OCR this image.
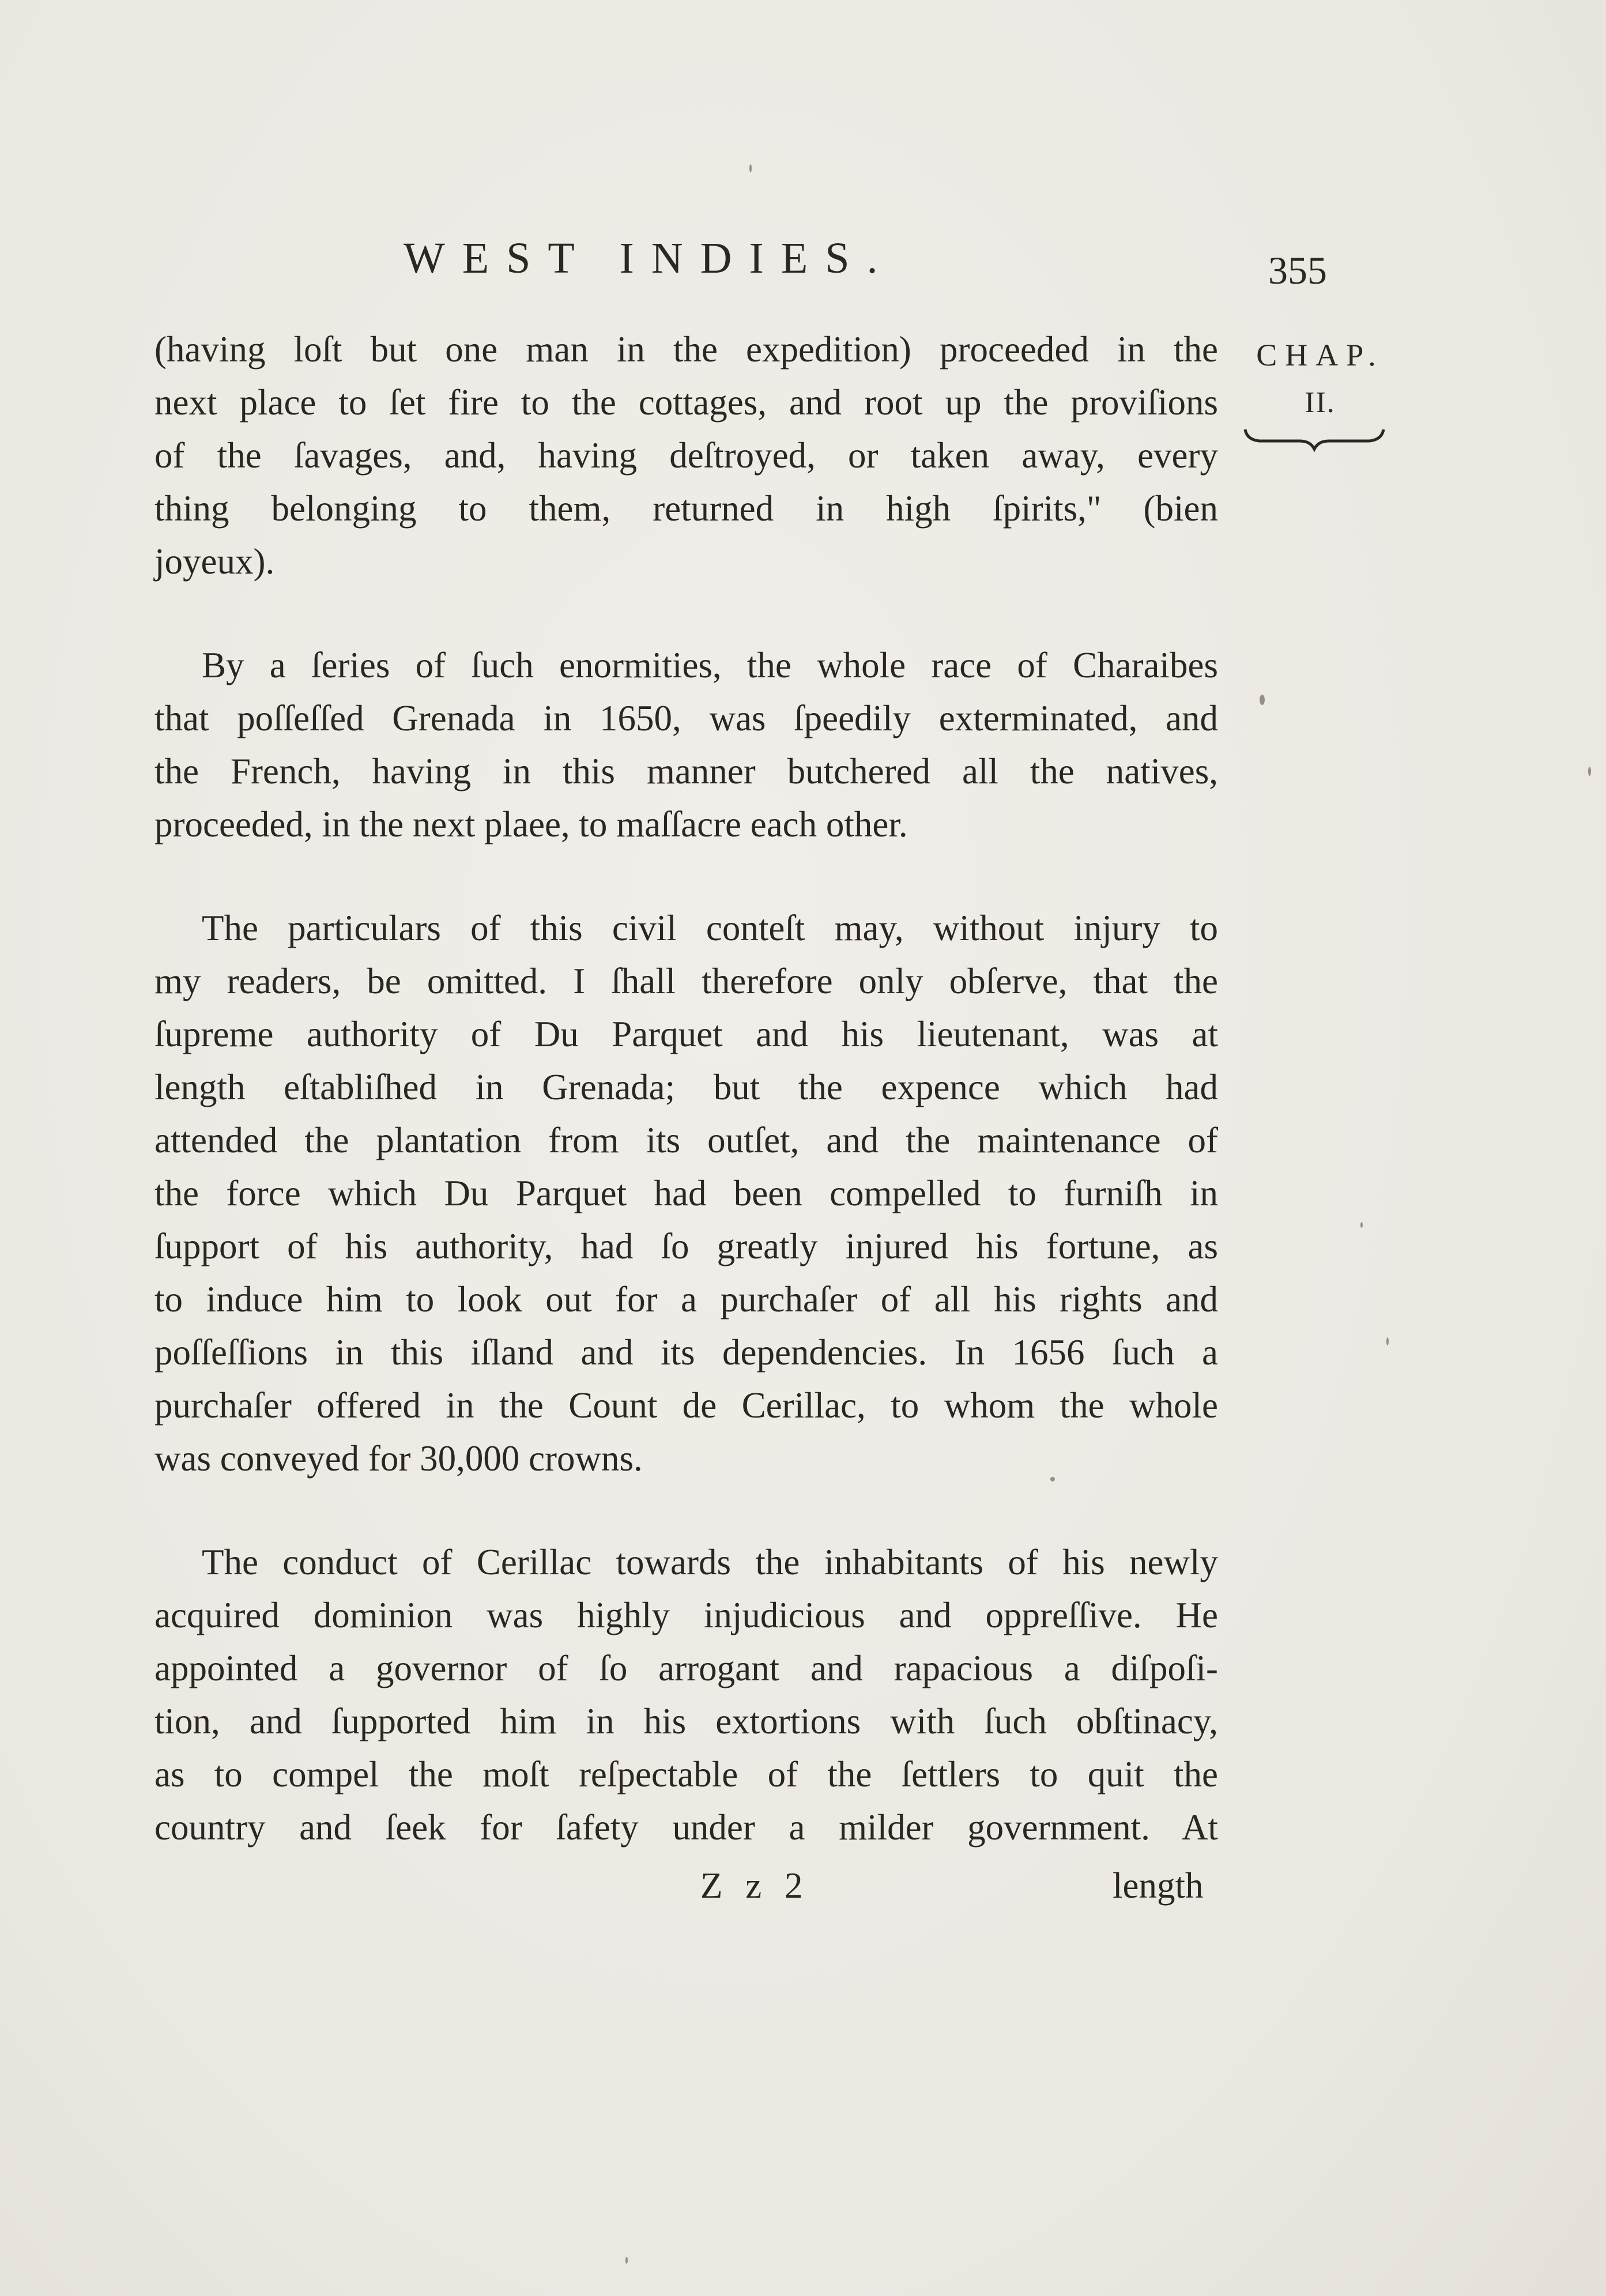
WEST INDIES.	355
CHAP.
II.
(having loſt but one man in the expedition) proceeded in the
next place to ſet fire to the cottages, and root up the proviſions
of the ſavages, and, having deſtroyed, or taken away, every
thing belonging to them, returned in high ſpirits," (bien
joyeux).
By a ſeries of ſuch enormities, the whole race of Charaibes
that poſſeſſed Grenada in 1650, was ſpeedily exterminated, and
the French, having in this manner butchered all the natives,
proceeded, in the next plaee, to maſſacre each other.
The particulars of this civil conteſt may, without injury to
my readers, be omitted. I ſhall therefore only obſerve, that the
ſupreme authority of Du Parquet and his lieutenant, was at
length eſtabliſhed in Grenada; but the expence which had
attended the plantation from its outſet, and the maintenance of
the force which Du Parquet had been compelled to furniſh in
ſupport of his authority, had ſo greatly injured his fortune, as
to induce him to look out for a purchaſer of all his rights and
poſſeſſions in this iſland and its dependencies. In 1656 ſuch a
purchaſer offered in the Count de Cerillac, to whom the whole
was conveyed for 30,000 crowns.
The conduct of Cerillac towards the inhabitants of his newly
acquired dominion was highly injudicious and oppreſſive. He
appointed a governor of ſo arrogant and rapacious a diſpoſi-
tion, and ſupported him in his extortions with ſuch obſtinacy,
as to compel the moſt reſpectable of the ſettlers to quit the
country and ſeek for ſafety under a milder government. At
Z z 2	length
